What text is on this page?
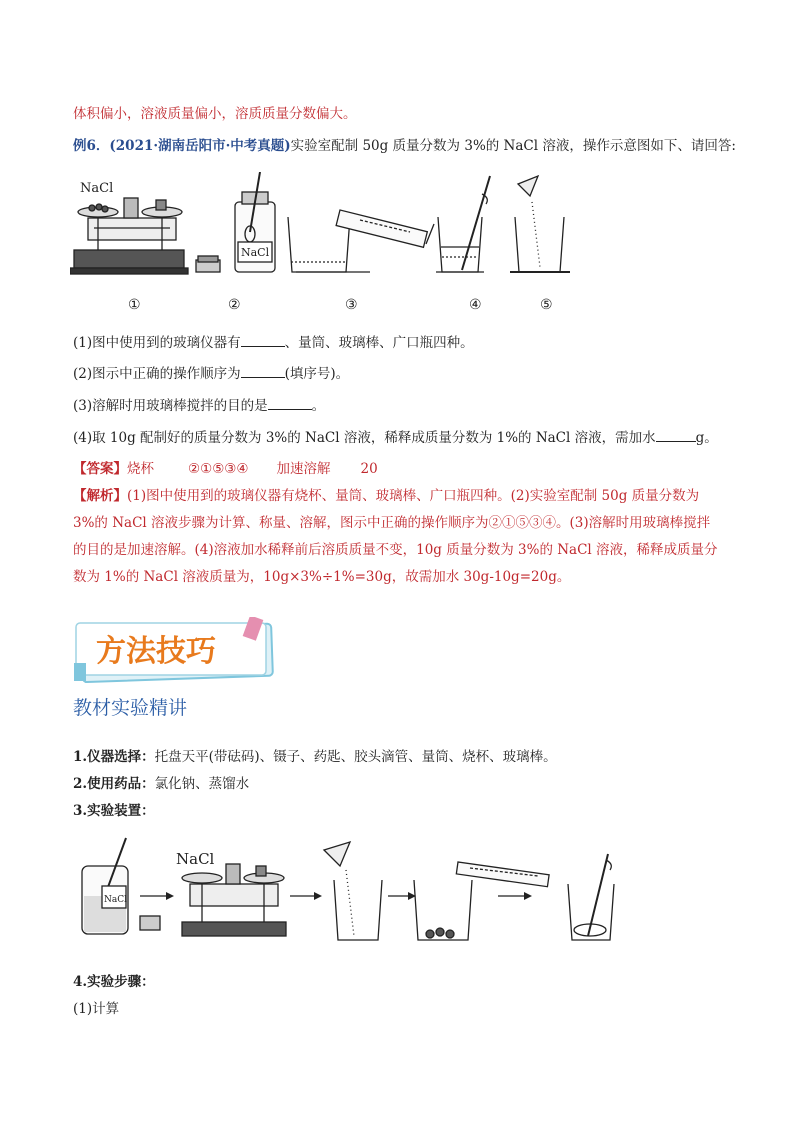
体积偏小，溶液质量偏小，溶质质量分数偏大。
例6．(2021·湖南岳阳市·中考真题)实验室配制 50g 质量分数为 3%的 NaCl 溶液，操作示意图如下、请回答:
NaCl
NaCl
①	②	③	④	⑤
(1)图中使用到的玻璃仪器有	、量筒、玻璃棒、广口瓶四种。
(2)图示中正确的操作顺序为	(填序号)。
(3)溶解时用玻璃棒搅拌的目的是	。
(4)取 10g 配制好的质量分数为 3%的 NaCl 溶液，稀释成质量分数为 1%的 NaCl 溶液，需加水	g。
【答案】烧杯	②①⑤③④ 加速溶解 20
【解析】(1)图中使用到的玻璃仪器有烧杯、量筒、玻璃棒、广口瓶四种。(2)实验室配制 50g 质量分数为 3%的 NaCl 溶液步骤为计算、称量、溶解，图示中正确的操作顺序为②①⑤③④。(3)溶解时用玻璃棒搅拌的目的是加速溶解。(4)溶液加水稀释前后溶质质量不变，10g 质量分数为 3%的 NaCl 溶液，稀释成质量分数为 1%的 NaCl 溶液质量为，10g×3%÷1%=30g，故需加水 30g-10g=20g。
方法技巧
教材实验精讲
1.仪器选择：托盘天平(带砝码)、镊子、药匙、胶头滴管、量筒、烧杯、玻璃棒。
2.使用药品：氯化钠、蒸馏水
3.实验装置：
NaCl
NaCl
4.实验步骤：
(1)计算
